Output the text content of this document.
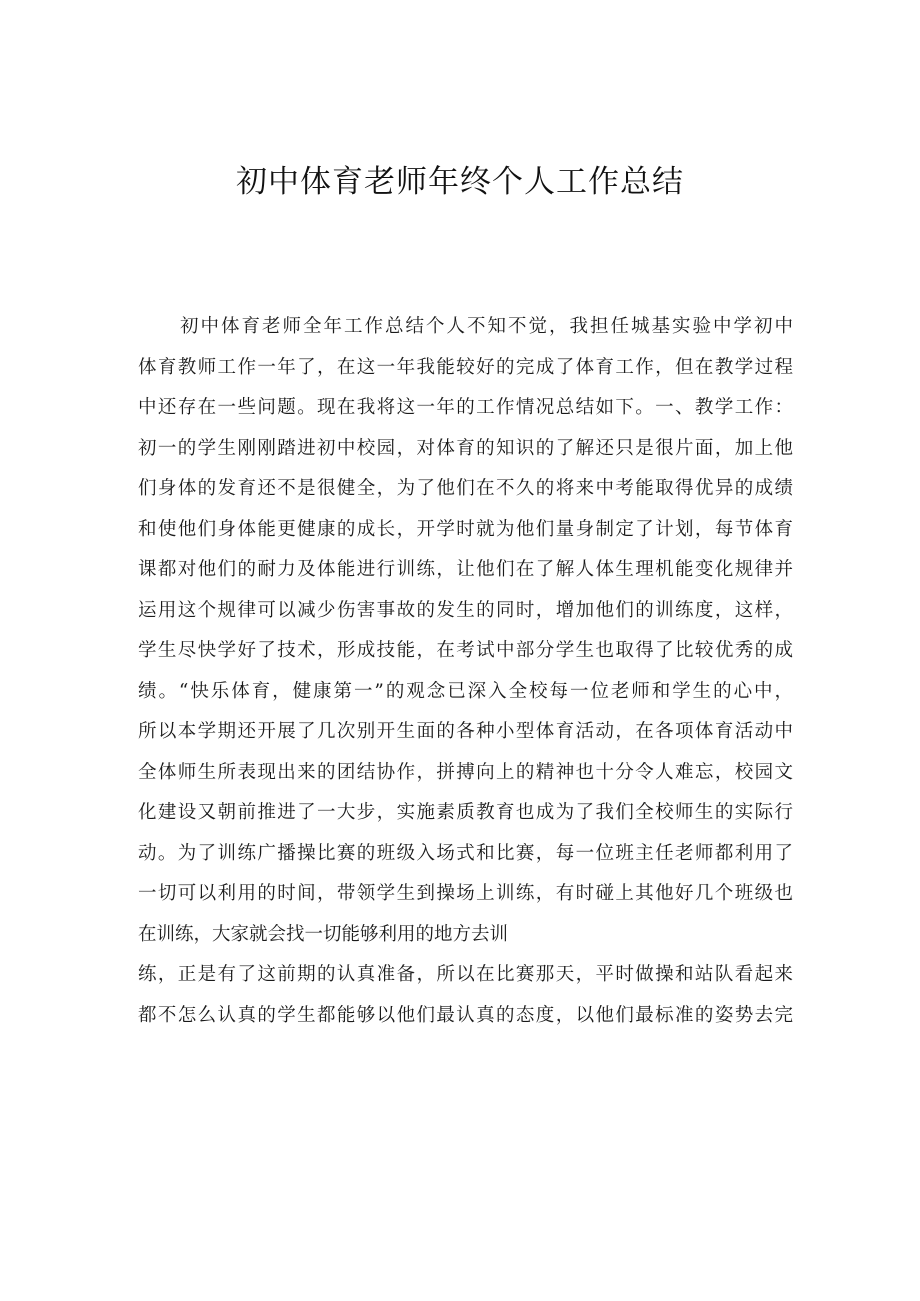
初中体育老师年终个人工作总结
初中体育老师全年工作总结个人不知不觉，我担任城基实验中学初中
体育教师工作一年了，在这一年我能较好的完成了体育工作，但在教学过程
中还存在一些问题。现在我将这一年的工作情况总结如下。一、教学工作：
初一的学生刚刚踏进初中校园，对体育的知识的了解还只是很片面，加上他
们身体的发育还不是很健全，为了他们在不久的将来中考能取得优异的成绩
和使他们身体能更健康的成长，开学时就为他们量身制定了计划，每节体育
课都对他们的耐力及体能进行训练，让他们在了解人体生理机能变化规律并
运用这个规律可以减少伤害事故的发生的同时，增加他们的训练度，这样，
学生尽快学好了技术，形成技能，在考试中部分学生也取得了比较优秀的成
绩。“快乐体育，健康第一”的观念已深入全校每一位老师和学生的心中，
所以本学期还开展了几次别开生面的各种小型体育活动，在各项体育活动中
全体师生所表现出来的团结协作，拼搏向上的精神也十分令人难忘，校园文
化建设又朝前推进了一大步，实施素质教育也成为了我们全校师生的实际行
动。为了训练广播操比赛的班级入场式和比赛，每一位班主任老师都利用了
一切可以利用的时间，带领学生到操场上训练，有时碰上其他好几个班级也
在训练，大家就会找一切能够利用的地方去训
练，正是有了这前期的认真准备，所以在比赛那天，平时做操和站队看起来
都不怎么认真的学生都能够以他们最认真的态度，以他们最标准的姿势去完
